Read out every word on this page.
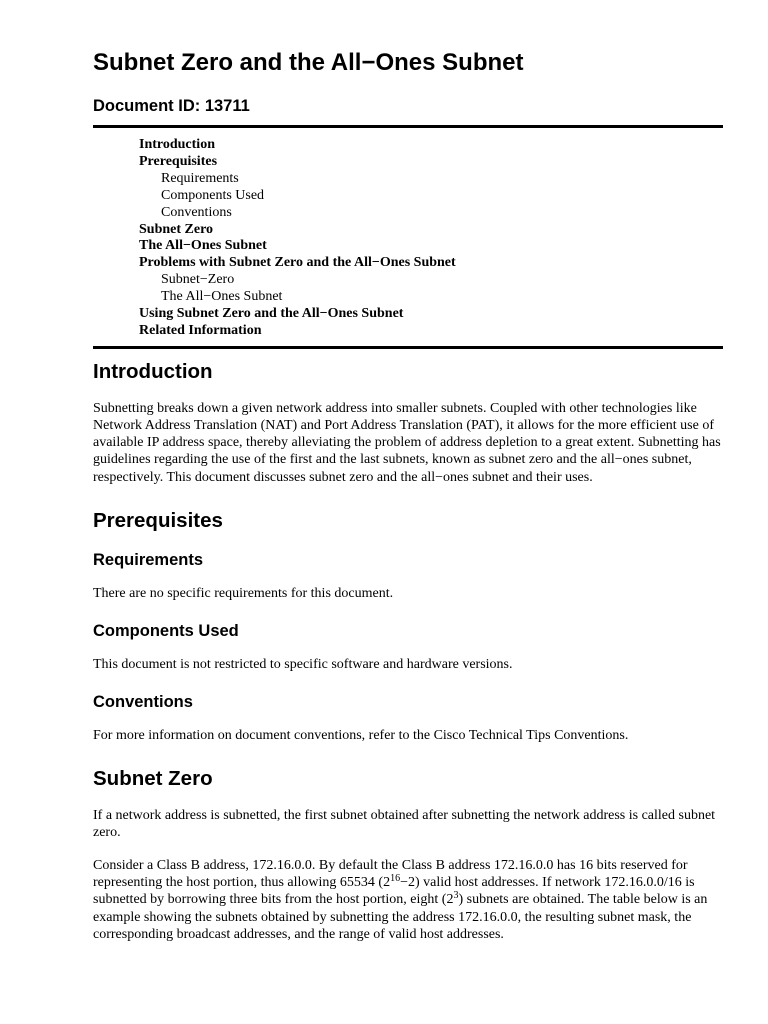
Subnet Zero and the All−Ones Subnet
Document ID: 13711
Introduction
Prerequisites
Requirements
Components Used
Conventions
Subnet Zero
The All−Ones Subnet
Problems with Subnet Zero and the All−Ones Subnet
Subnet−Zero
The All−Ones Subnet
Using Subnet Zero and the All−Ones Subnet
Related Information
Introduction

Subnetting breaks down a given network address into smaller subnets. Coupled with other technologies like Network Address Translation (NAT) and Port Address Translation (PAT), it allows for the more efficient use of available IP address space, thereby alleviating the problem of address depletion to a great extent. Subnetting has guidelines regarding the use of the first and the last subnets, known as subnet zero and the all−ones subnet, respectively. This document discusses subnet zero and the all−ones subnet and their uses.

Prerequisites
Requirements

There are no specific requirements for this document.

Components Used

This document is not restricted to specific software and hardware versions.

Conventions

For more information on document conventions, refer to the Cisco Technical Tips Conventions.

Subnet Zero

If a network address is subnetted, the first subnet obtained after subnetting the network address is called subnet zero.

Consider a Class B address, 172.16.0.0. By default the Class B address 172.16.0.0 has 16 bits reserved for representing the host portion, thus allowing 65534 $(2^{16}-2)$ valid host addresses. If network 172.16.0.0/16 is subnetted by borrowing three bits from the host portion, eight $(2^3)$ subnets are obtained. The table below is an example showing the subnets obtained by subnetting the address 172.16.0.0, the resulting subnet mask, the corresponding broadcast addresses, and the range of valid host addresses.
